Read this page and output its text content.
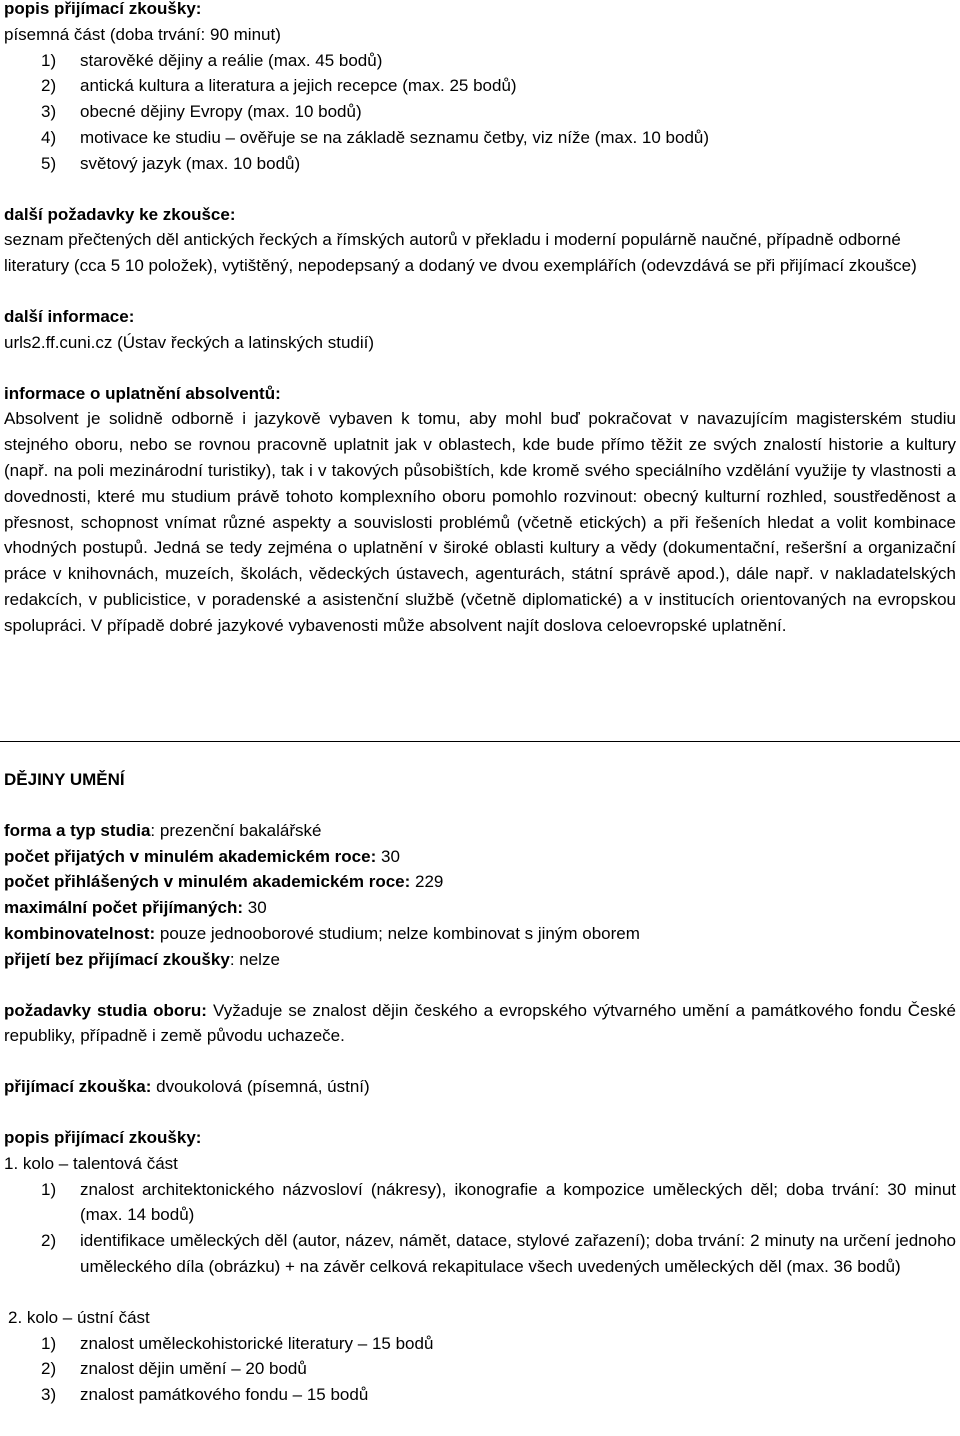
popis přijímací zkoušky:

písemná část (doba trvání: 90 minut)

1) starověké dějiny a reálie (max. 45 bodů)
2) antická kultura a literatura a jejich recepce (max. 25 bodů)
3) obecné dějiny Evropy (max. 10 bodů)
4) motivace ke studiu – ověřuje se na základě seznamu četby, viz níže (max. 10 bodů)
5) světový jazyk (max. 10 bodů)

další požadavky ke zkoušce:

seznam přečtených děl antických řeckých a římských autorů v překladu i moderní populárně naučné, případně odborné literatury (cca 5 10 položek), vytištěný, nepodepsaný a dodaný ve dvou exemplářích (odevzdává se při přijímací zkoušce)

další informace:

urls2.ff.cuni.cz (Ústav řeckých a latinských studií)

informace o uplatnění absolventů:

Absolvent je solidně odborně i jazykově vybaven k tomu, aby mohl buď pokračovat v navazujícím magisterském studiu stejného oboru, nebo se rovnou pracovně uplatnit jak v oblastech, kde bude přímo těžit ze svých znalostí historie a kultury (např. na poli mezinárodní turistiky), tak i v takových působištích, kde kromě svého speciálního vzdělání využije ty vlastnosti a dovednosti, které mu studium právě tohoto komplexního oboru pomohlo rozvinout: obecný kulturní rozhled, soustředěnost a přesnost, schopnost vnímat různé aspekty a souvislosti problémů (včetně etických) a při řešeních hledat a volit kombinace vhodných postupů. Jedná se tedy zejména o uplatnění v široké oblasti kultury a vědy (dokumentační, rešeršní a organizační práce v knihovnách, muzeích, školách, vědeckých ústavech, agenturách, státní správě apod.), dále např. v nakladatelských redakcích, v publicistice, v poradenské a asistenční službě (včetně diplomatické) a v institucích orientovaných na evropskou spolupráci. V případě dobré jazykové vybavenosti může absolvent najít doslova celoevropské uplatnění.

DĚJINY UMĚNÍ

forma a typ studia: prezenční bakalářské

počet přijatých v minulém akademickém roce: 30

počet přihlášených v minulém akademickém roce: 229

maximální počet přijímaných: 30

kombinovatelnost: pouze jednooborové studium; nelze kombinovat s jiným oborem

přijetí bez přijímací zkoušky: nelze

požadavky studia oboru: Vyžaduje se znalost dějin českého a evropského výtvarného umění a památkového fondu České republiky, případně i země původu uchazeče.

přijímací zkouška: dvoukolová (písemná, ústní)

popis přijímací zkoušky:

1. kolo – talentová část

1) znalost architektonického názvosloví (nákresy), ikonografie a kompozice uměleckých děl; doba trvání: 30 minut (max. 14 bodů)
2) identifikace uměleckých děl (autor, název, námět, datace, stylové zařazení); doba trvání: 2 minuty na určení jednoho uměleckého díla (obrázku) + na závěr celková rekapitulace všech uvedených uměleckých děl (max. 36 bodů)

2. kolo – ústní část

1) znalost uměleckohistorické literatury – 15 bodů
2) znalost dějin umění – 20 bodů
3) znalost památkového fondu – 15 bodů
